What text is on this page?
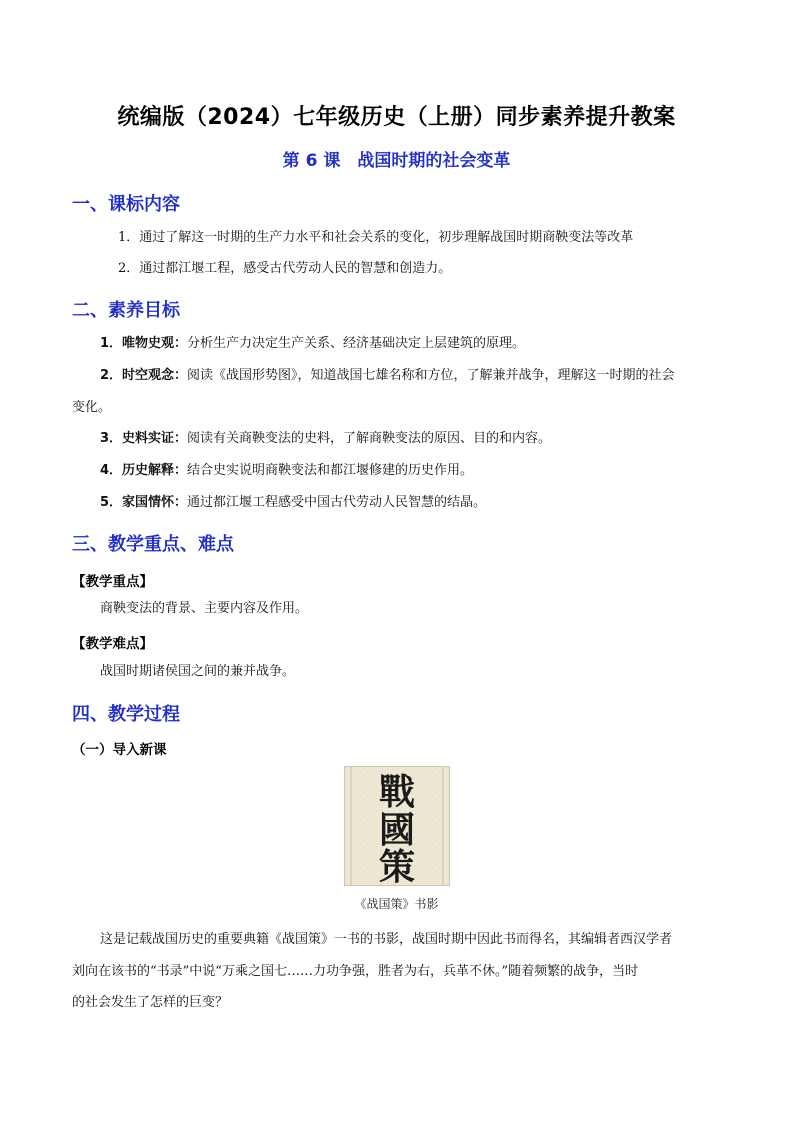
统编版（2024）七年级历史（上册）同步素养提升教案
第 6 课　战国时期的社会变革
一、课标内容
1．通过了解这一时期的生产力水平和社会关系的变化，初步理解战国时期商鞅变法等改革
2．通过都江堰工程，感受古代劳动人民的智慧和创造力。
二、素养目标
1．唯物史观：分析生产力决定生产关系、经济基础决定上层建筑的原理。
2．时空观念：阅读《战国形势图》，知道战国七雄名称和方位，了解兼并战争，理解这一时期的社会
变化。
3．史料实证：阅读有关商鞅变法的史料，了解商鞅变法的原因、目的和内容。
4．历史解释：结合史实说明商鞅变法和都江堰修建的历史作用。
5．家国情怀：通过都江堰工程感受中国古代劳动人民智慧的结晶。
三、教学重点、难点
【教学重点】
商鞅变法的背景、主要内容及作用。
【教学难点】
战国时期诸侯国之间的兼并战争。
四、教学过程
（一）导入新课
戰
國
策
《战国策》书影
这是记载战国历史的重要典籍《战国策》一书的书影，战国时期中因此书而得名，其编辑者西汉学者
刘向在该书的“书录”中说“万乘之国七……力功争强，胜者为右，兵革不休。”随着频繁的战争，当时
的社会发生了怎样的巨变？
